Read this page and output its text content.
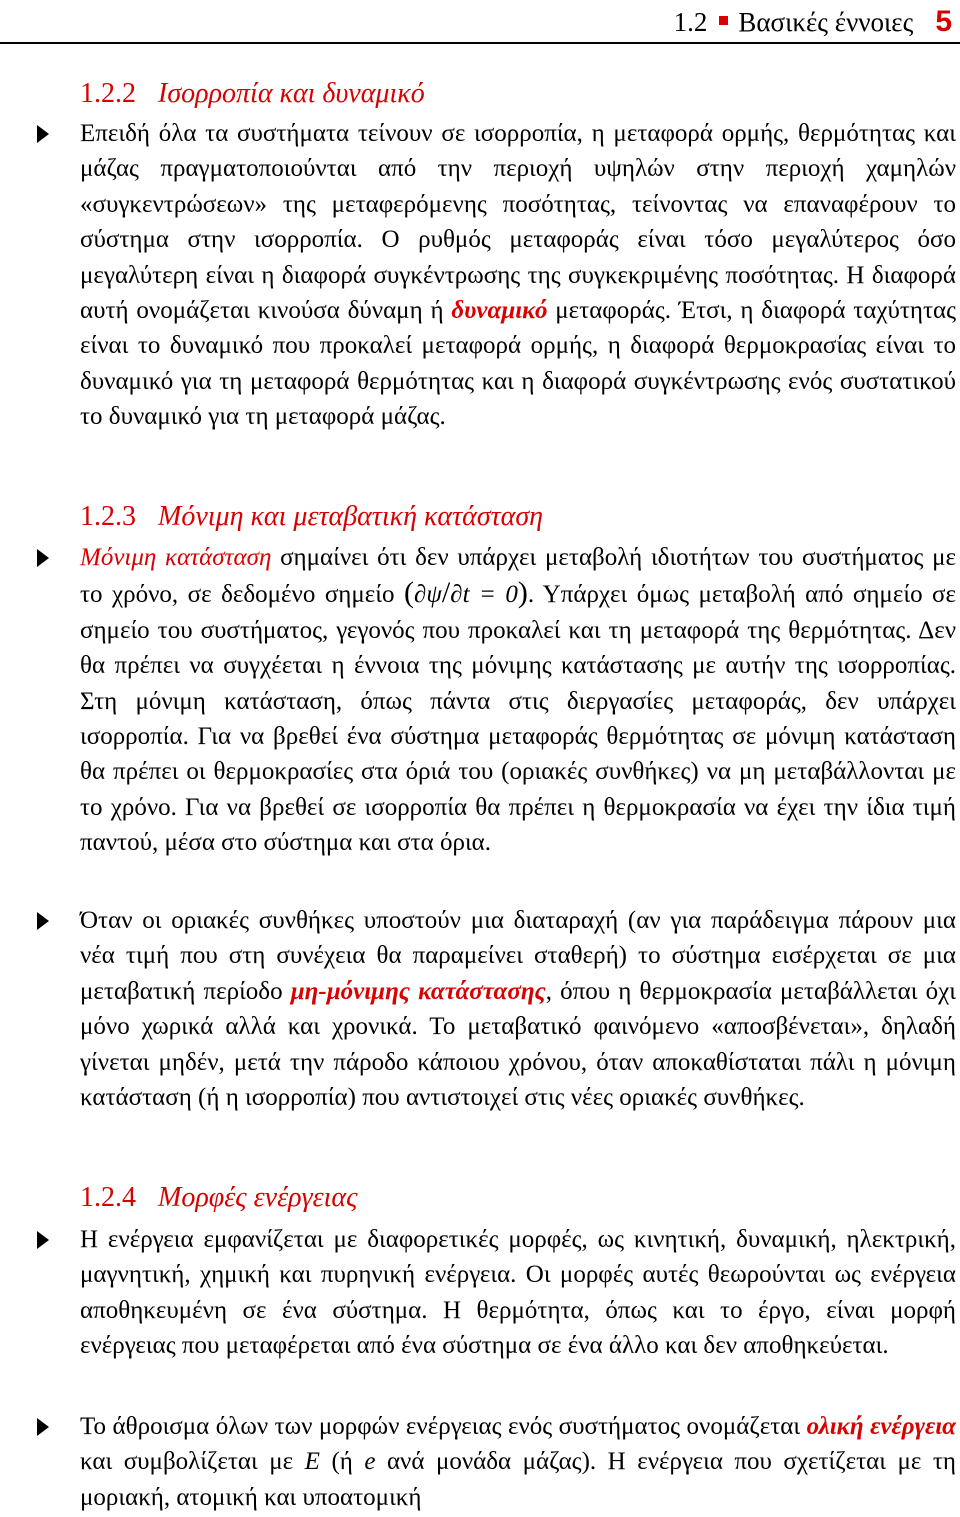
1.2 Βασικές έννοιες 5
1.2.2 Ισορροπία και δυναμικό

Επειδή όλα τα συστήματα τείνουν σε ισορροπία, η μεταφορά ορμής, θερμότητας και μάζας πραγματοποιούνται από την περιοχή υψηλών στην περιοχή χαμηλών «συγκεντρώσεων» της μεταφερόμενης ποσότητας, τείνοντας να επαναφέρουν το σύστημα στην ισορροπία. Ο ρυθμός μεταφοράς είναι τόσο μεγαλύτερος όσο μεγαλύτερη είναι η διαφορά συγκέντρωσης της συγκεκριμένης ποσότητας. Η διαφορά αυτή ονομάζεται κινούσα δύναμη ή δυναμικό μεταφοράς. Έτσι, η διαφορά ταχύτητας είναι το δυναμικό που προκαλεί μεταφορά ορμής, η διαφορά θερμοκρασίας είναι το δυναμικό για τη μεταφορά θερμότητας και η διαφορά συγκέντρωσης ενός συστατικού το δυναμικό για τη μεταφορά μάζας.

1.2.3 Μόνιμη και μεταβατική κατάσταση

Μόνιμη κατάσταση σημαίνει ότι δεν υπάρχει μεταβολή ιδιοτήτων του συστήματος με το χρόνο, σε δεδομένο σημείο (∂ψ/∂t = 0). Υπάρχει όμως μεταβολή από σημείο σε σημείο του συστήματος, γεγονός που προκαλεί και τη μεταφορά της θερμότητας. Δεν θα πρέπει να συγχέεται η έννοια της μόνιμης κατάστασης με αυτήν της ισορροπίας. Στη μόνιμη κατάσταση, όπως πάντα στις διεργασίες μεταφοράς, δεν υπάρχει ισορροπία. Για να βρεθεί ένα σύστημα μεταφοράς θερμότητας σε μόνιμη κατάσταση θα πρέπει οι θερμοκρασίες στα όριά του (οριακές συνθήκες) να μη μεταβάλλονται με το χρόνο. Για να βρεθεί σε ισορροπία θα πρέπει η θερμοκρασία να έχει την ίδια τιμή παντού, μέσα στο σύστημα και στα όρια.

Όταν οι οριακές συνθήκες υποστούν μια διαταραχή (αν για παράδειγμα πάρουν μια νέα τιμή που στη συνέχεια θα παραμείνει σταθερή) το σύστημα εισέρχεται σε μια μεταβατική περίοδο μη-μόνιμης κατάστασης, όπου η θερμοκρασία μεταβάλλεται όχι μόνο χωρικά αλλά και χρονικά. Το μεταβατικό φαινόμενο «αποσβένεται», δηλαδή γίνεται μηδέν, μετά την πάροδο κάποιου χρόνου, όταν αποκαθίσταται πάλι η μόνιμη κατάσταση (ή η ισορροπία) που αντιστοιχεί στις νέες οριακές συνθήκες.

1.2.4 Μορφές ενέργειας

Η ενέργεια εμφανίζεται με διαφορετικές μορφές, ως κινητική, δυναμική, ηλεκτρική, μαγνητική, χημική και πυρηνική ενέργεια. Οι μορφές αυτές θεωρούνται ως ενέργεια αποθηκευμένη σε ένα σύστημα. Η θερμότητα, όπως και το έργο, είναι μορφή ενέργειας που μεταφέρεται από ένα σύστημα σε ένα άλλο και δεν αποθηκεύεται.

Το άθροισμα όλων των μορφών ενέργειας ενός συστήματος ονομάζεται ολική ενέργεια και συμβολίζεται με E (ή e ανά μονάδα μάζας). Η ενέργεια που σχετίζεται με τη μοριακή, ατομική και υποατομική
